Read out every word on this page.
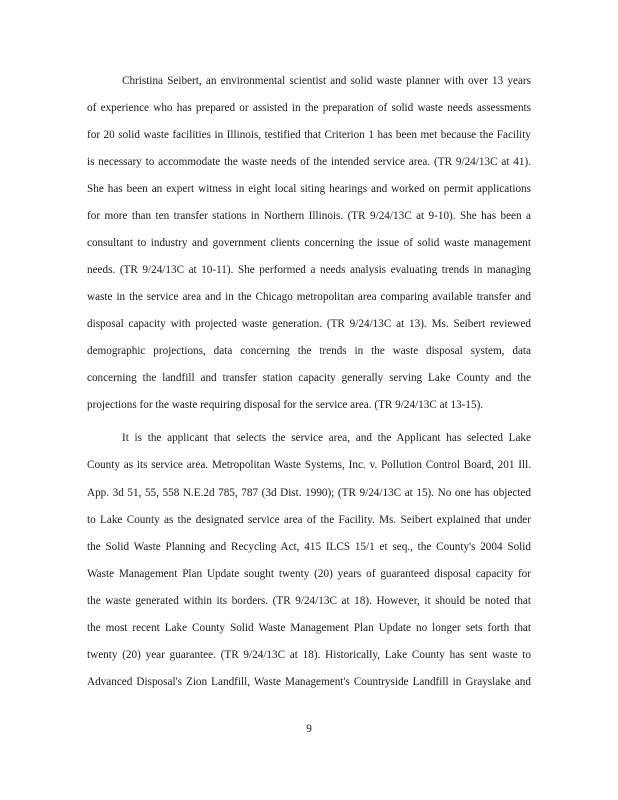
Christina Seibert, an environmental scientist and solid waste planner with over 13 years
of experience who has prepared or assisted in the preparation of solid waste needs assessments
for 20 solid waste facilities in Illinois, testified that Criterion 1 has been met because the Facility
is necessary to accommodate the waste needs of the intended service area. (TR 9/24/13C at 41).
She has been an expert witness in eight local siting hearings and worked on permit applications
for more than ten transfer stations in Northern Illinois. (TR 9/24/13C at 9-10). She has been a
consultant to industry and government clients concerning the issue of solid waste management
needs. (TR 9/24/13C at 10-11). She performed a needs analysis evaluating trends in managing
waste in the service area and in the Chicago metropolitan area comparing available transfer and
disposal capacity with projected waste generation. (TR 9/24/13C at 13). Ms. Seibert reviewed
demographic projections, data concerning the trends in the waste disposal system, data
concerning the landfill and transfer station capacity generally serving Lake County and the
projections for the waste requiring disposal for the service area. (TR 9/24/13C at 13-15).
It is the applicant that selects the service area, and the Applicant has selected Lake
County as its service area. Metropolitan Waste Systems, Inc. v. Pollution Control Board, 201 Ill.
App. 3d 51, 55, 558 N.E.2d 785, 787 (3d Dist. 1990); (TR 9/24/13C at 15). No one has objected
to Lake County as the designated service area of the Facility. Ms. Seibert explained that under
the Solid Waste Planning and Recycling Act, 415 ILCS 15/1 et seq., the County's 2004 Solid
Waste Management Plan Update sought twenty (20) years of guaranteed disposal capacity for
the waste generated within its borders. (TR 9/24/13C at 18). However, it should be noted that
the most recent Lake County Solid Waste Management Plan Update no longer sets forth that
twenty (20) year guarantee. (TR 9/24/13C at 18). Historically, Lake County has sent waste to
Advanced Disposal's Zion Landfill, Waste Management's Countryside Landfill in Grayslake and
9
